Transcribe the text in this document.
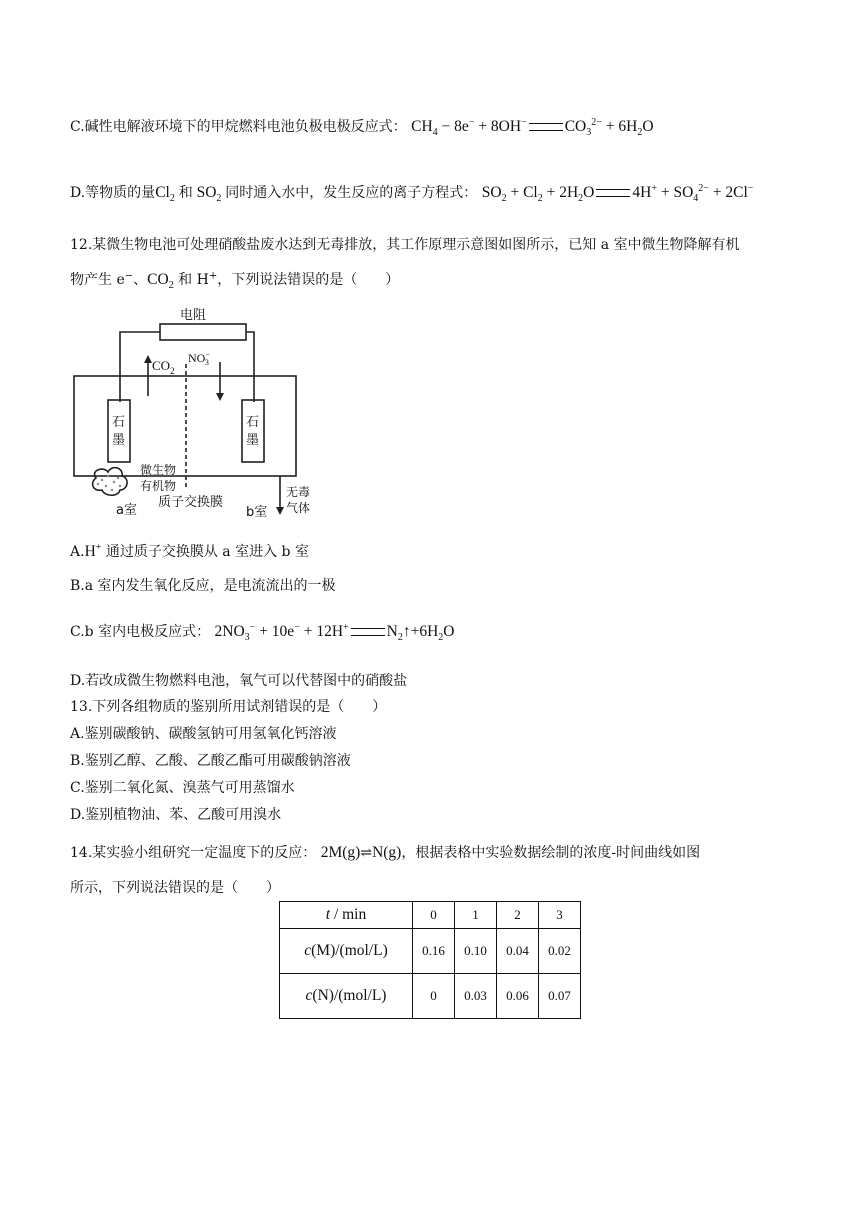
C.碱性电解液环境下的甲烷燃料电池负极电极反应式： $CH_4 - 8e^- + 8OH^-$ $CO_3^{2-} + 6H_2O$
D.等物质的量$Cl_2$ 和 $SO_2$ 同时通入水中，发生反应的离子方程式： $SO_2 + Cl_2 + 2H_2O$ $4H^+ + SO_4^{2-} + 2Cl^-$
12.某微生物电池可处理硝酸盐废水达到无毒排放，其工作原理示意图如图所示，已知 a 室中微生物降解有机
物产生 e−、$CO_2$ 和 H+，下列说法错误的是（　　）
电阻
$CO_2$
NO− 3
石
墨
石
墨
微生物
有机物
质子交换膜
a室	b室
无毒
气体
A.H+ 通过质子交换膜从 a 室进入 b 室
B.a 室内发生氧化反应，是电流流出的一极
C.b 室内电极反应式： $2NO_3^- + 10e^- + 12H^+$ $N_2↑+6H_2O$
D.若改成微生物燃料电池，氧气可以代替图中的硝酸盐
13.下列各组物质的鉴别所用试剂错误的是（　　）
A.鉴别碳酸钠、碳酸氢钠可用氢氧化钙溶液
B.鉴别乙醇、乙酸、乙酸乙酯可用碳酸钠溶液
C.鉴别二氧化氮、溴蒸气可用蒸馏水
D.鉴别植物油、苯、乙酸可用溴水
14.某实验小组研究一定温度下的反应： 2M(g)⇌N(g)，根据表格中实验数据绘制的浓度-时间曲线如图
所示，下列说法错误的是（　　）
t / min	0	1	2	3
c(M)/(mol/L)	0.16	0.10	0.04	0.02
c(N)/(mol/L)	0	0.03	0.06	0.07
